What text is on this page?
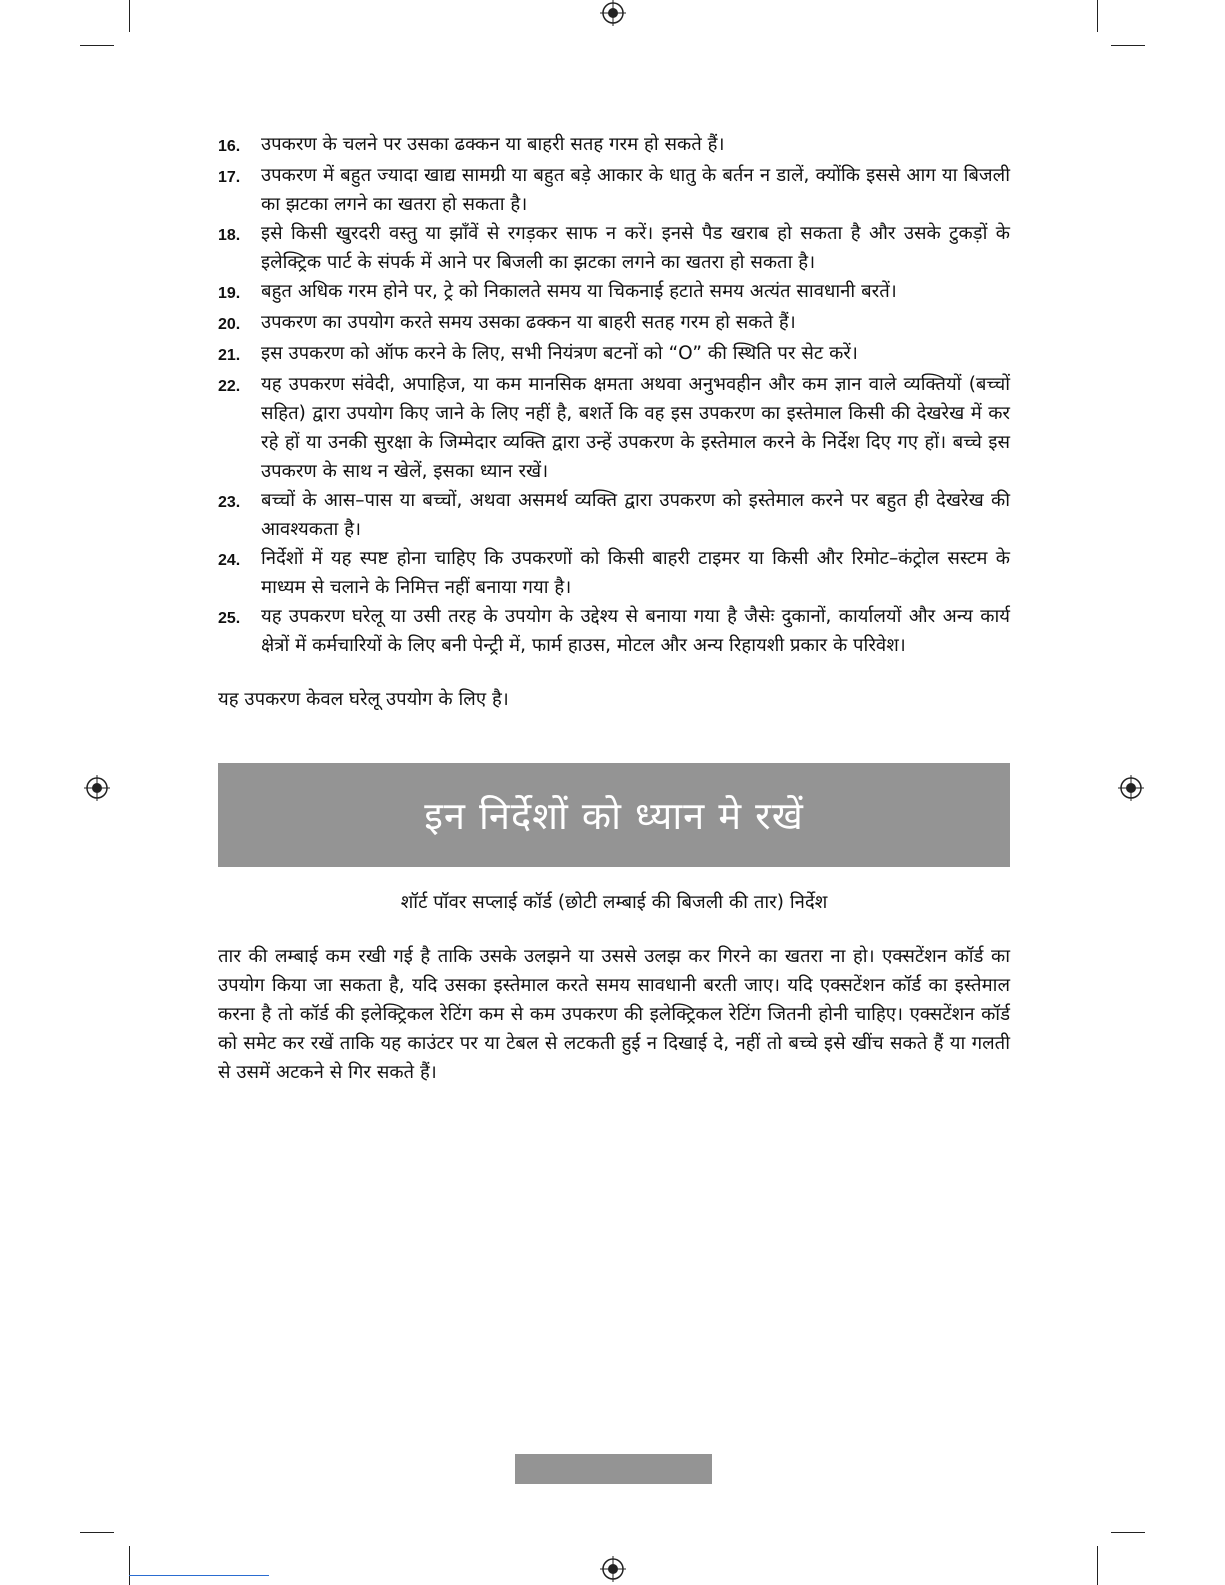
16.	उपकरण के चलने पर उसका ढक्कन या बाहरी सतह गरम हो सकते हैं।
17.	उपकरण में बहुत ज्यादा खाद्य सामग्री या बहुत बड़े आकार के धातु के बर्तन न डालें, क्योंकि इससे आग या बिजली का झटका लगने का खतरा हो सकता है।
18.	इसे किसी खुरदरी वस्तु या झाँवें से रगड़कर साफ न करें। इनसे पैड खराब हो सकता है और उसके टुकड़ों के इलेक्ट्रिक पार्ट के संपर्क में आने पर बिजली का झटका लगने का खतरा हो सकता है।
19.	बहुत अधिक गरम होने पर, ट्रे को निकालते समय या चिकनाई हटाते समय अत्यंत सावधानी बरतें।
20.	उपकरण का उपयोग करते समय उसका ढक्कन या बाहरी सतह गरम हो सकते हैं।
21.	इस उपकरण को ऑफ करने के लिए, सभी नियंत्रण बटनों को “O” की स्थिति पर सेट करें।
22.	यह उपकरण संवेदी, अपाहिज, या कम मानसिक क्षमता अथवा अनुभवहीन और कम ज्ञान वाले व्यक्तियों (बच्चों सहित) द्वारा उपयोग किए जाने के लिए नहीं है, बशर्ते कि वह इस उपकरण का इस्तेमाल किसी की देखरेख में कर रहे हों या उनकी सुरक्षा के जिम्मेदार व्यक्ति द्वारा उन्हें उपकरण के इस्तेमाल करने के निर्देश दिए गए हों। बच्चे इस उपकरण के साथ न खेलें, इसका ध्यान रखें।
23.	बच्चों के आस–पास या बच्चों, अथवा असमर्थ व्यक्ति द्वारा उपकरण को इस्तेमाल करने पर बहुत ही देखरेख की आवश्यकता है।
24.	निर्देशों में यह स्पष्ट होना चाहिए कि उपकरणों को किसी बाहरी टाइमर या किसी और रिमोट–कंट्रोल सस्टम के माध्यम से चलाने के निमित्त नहीं बनाया गया है।
25.	यह उपकरण घरेलू या उसी तरह के उपयोग के उद्देश्य से बनाया गया है जैसेः दुकानों, कार्यालयों और अन्य कार्य क्षेत्रों में कर्मचारियों के लिए बनी पेन्ट्री में, फार्म हाउस, मोटल और अन्य रिहायशी प्रकार के परिवेश।

यह उपकरण केवल घरेलू उपयोग के लिए है।

इन निर्देशों को ध्यान मे रखें

शॉर्ट पॉवर सप्लाई कॉर्ड (छोटी लम्बाई की बिजली की तार) निर्देश

तार की लम्बाई कम रखी गई है ताकि उसके उलझने या उससे उलझ कर गिरने का खतरा ना हो। एक्सटेंशन कॉर्ड का उपयोग किया जा सकता है, यदि उसका इस्तेमाल करते समय सावधानी बरती जाए। यदि एक्सटेंशन कॉर्ड का इस्तेमाल करना है तो कॉर्ड की इलेक्ट्रिकल रेटिंग कम से कम उपकरण की इलेक्ट्रिकल रेटिंग जितनी होनी चाहिए। एक्सटेंशन कॉर्ड को समेट कर रखें ताकि यह काउंटर पर या टेबल से लटकती हुई न दिखाई दे, नहीं तो बच्चे इसे खींच सकते हैं या गलती से उसमें अटकने से गिर सकते हैं।
